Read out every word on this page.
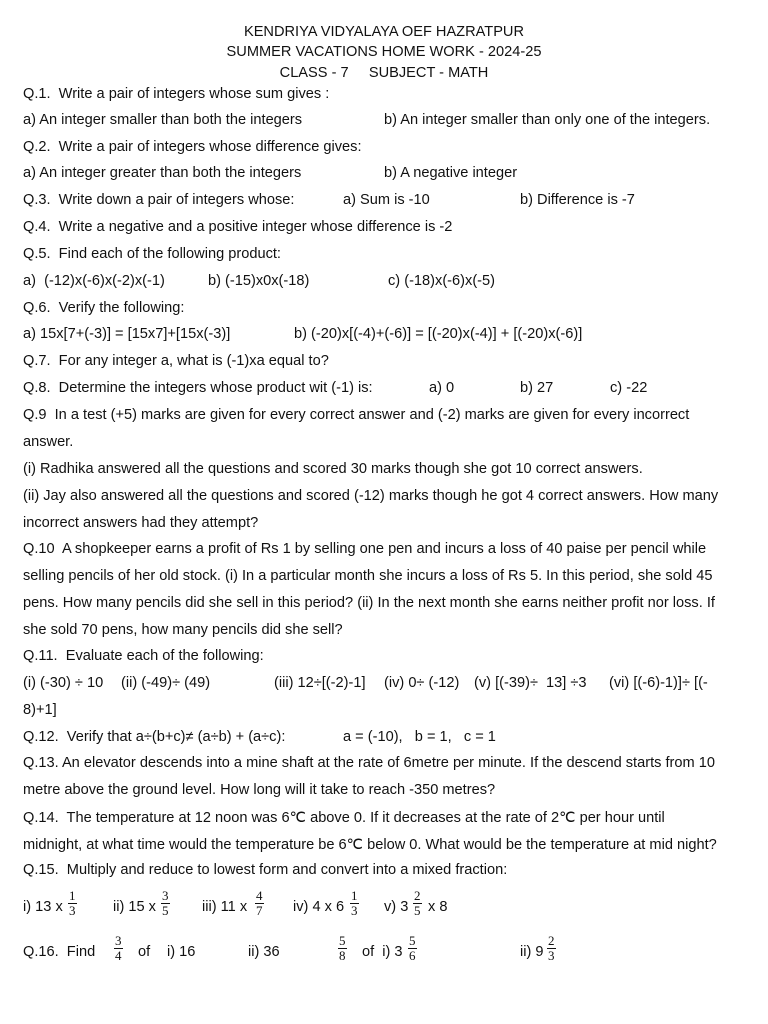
KENDRIYA VIDYALAYA OEF HAZRATPUR
SUMMER VACATIONS HOME WORK - 2024-25
CLASS - 7     SUBJECT - MATH
Q.1.  Write a pair of integers whose sum gives :
a) An integer smaller than both the integers	b) An integer smaller than only one of the integers.
Q.2.  Write a pair of integers whose difference gives:
a) An integer greater than both the integers	b) A negative integer
Q.3.  Write down a pair of integers whose:	a) Sum is -10	b) Difference is -7
Q.4.  Write a negative and a positive integer whose difference is -2
Q.5.  Find each of the following product:
a)  (-12)x(-6)x(-2)x(-1)	b) (-15)x0x(-18)	c) (-18)x(-6)x(-5)
Q.6.  Verify the following:
a) 15x[7+(-3)] = [15x7]+[15x(-3)]	b) (-20)x[(-4)+(-6)] = [(-20)x(-4)] + [(-20)x(-6)]
Q.7.  For any integer a, what is (-1)xa equal to?
Q.8.  Determine the integers whose product wit (-1) is:	a) 0	b) 27	c) -22
Q.9  In a test (+5) marks are given for every correct answer and (-2) marks are given for every incorrect
answer.
(i) Radhika answered all the questions and scored 30 marks though she got 10 correct answers.
(ii) Jay also answered all the questions and scored (-12) marks though he got 4 correct answers. How many
incorrect answers had they attempt?
Q.10  A shopkeeper earns a profit of Rs 1 by selling one pen and incurs a loss of 40 paise per pencil while
selling pencils of her old stock. (i) In a particular month she incurs a loss of Rs 5. In this period, she sold 45
pens. How many pencils did she sell in this period? (ii) In the next month she earns neither profit nor loss. If
she sold 70 pens, how many pencils did she sell?
Q.11.  Evaluate each of the following:
(i) (-30) ÷ 10 (ii) (-49)÷ (49)	(iii) 12÷[(-2)-1] (iv) 0÷ (-12) (v) [(-39)÷  13] ÷3 (vi) [(-6)-1)]÷ [(-
8)+1]
Q.12.  Verify that a÷(b+c)≠ (a÷b) + (a÷c):	a = (-10),   b = 1,   c = 1
Q.13. An elevator descends into a mine shaft at the rate of 6metre per minute. If the descend starts from 10
metre above the ground level. How long will it take to reach -350 metres?
Q.14.  The temperature at 12 noon was 6℃ above 0. If it decreases at the rate of 2℃ per hour until
midnight, at what time would the temperature be 6℃ below 0. What would be the temperature at mid night?
Q.15.  Multiply and reduce to lowest form and convert into a mixed fraction:
i) 13 x $\frac{1}{3}$	ii) 15 x $\frac{3}{5} iii$) 11 x $\frac{4}{7} iv$) 4 x $6 \frac{1}{3} v$) $3 \frac{2}{5}$ x 8
Q.16.  Find $\frac{3}{4}$ of i) 16	ii) 36	$\frac{5}{8}$ of  i) $3 \frac{5}{6}$	ii) $9 \frac{2}{3}$
